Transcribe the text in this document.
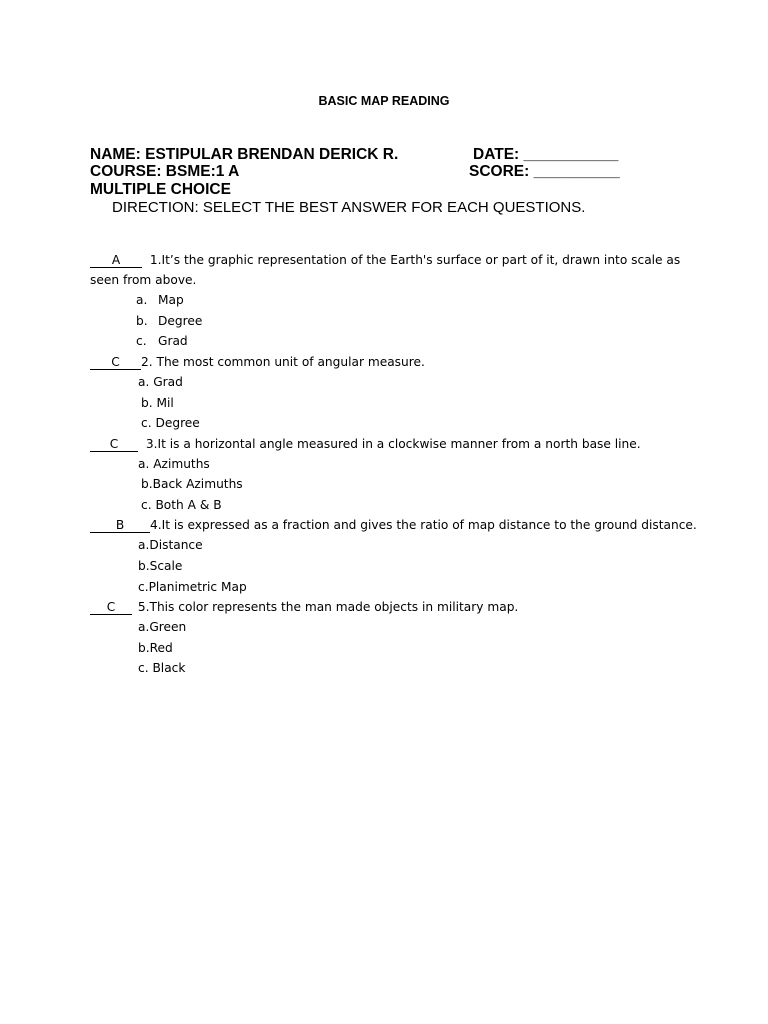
BASIC MAP READING
NAME: ESTIPULAR BRENDAN DERICK R.	DATE: ___________
COURSE: BSME:1 A	SCORE: __________
MULTIPLE CHOICE
DIRECTION: SELECT THE BEST ANSWER FOR EACH QUESTIONS.
A 1.It’s the graphic representation of the Earth's surface or part of it, drawn into scale as
seen from above.
a. Map
b. Degree
c. Grad
C 2. The most common unit of angular measure.
a. Grad
b. Mil
c. Degree
C 3.It is a horizontal angle measured in a clockwise manner from a north base line.
a. Azimuths
b.Back Azimuths
c. Both A & B
B 4.It is expressed as a fraction and gives the ratio of map distance to the ground distance.
a.Distance
b.Scale
c.Planimetric Map
C 5.This color represents the man made objects in military map.
a.Green
b.Red
c. Black
